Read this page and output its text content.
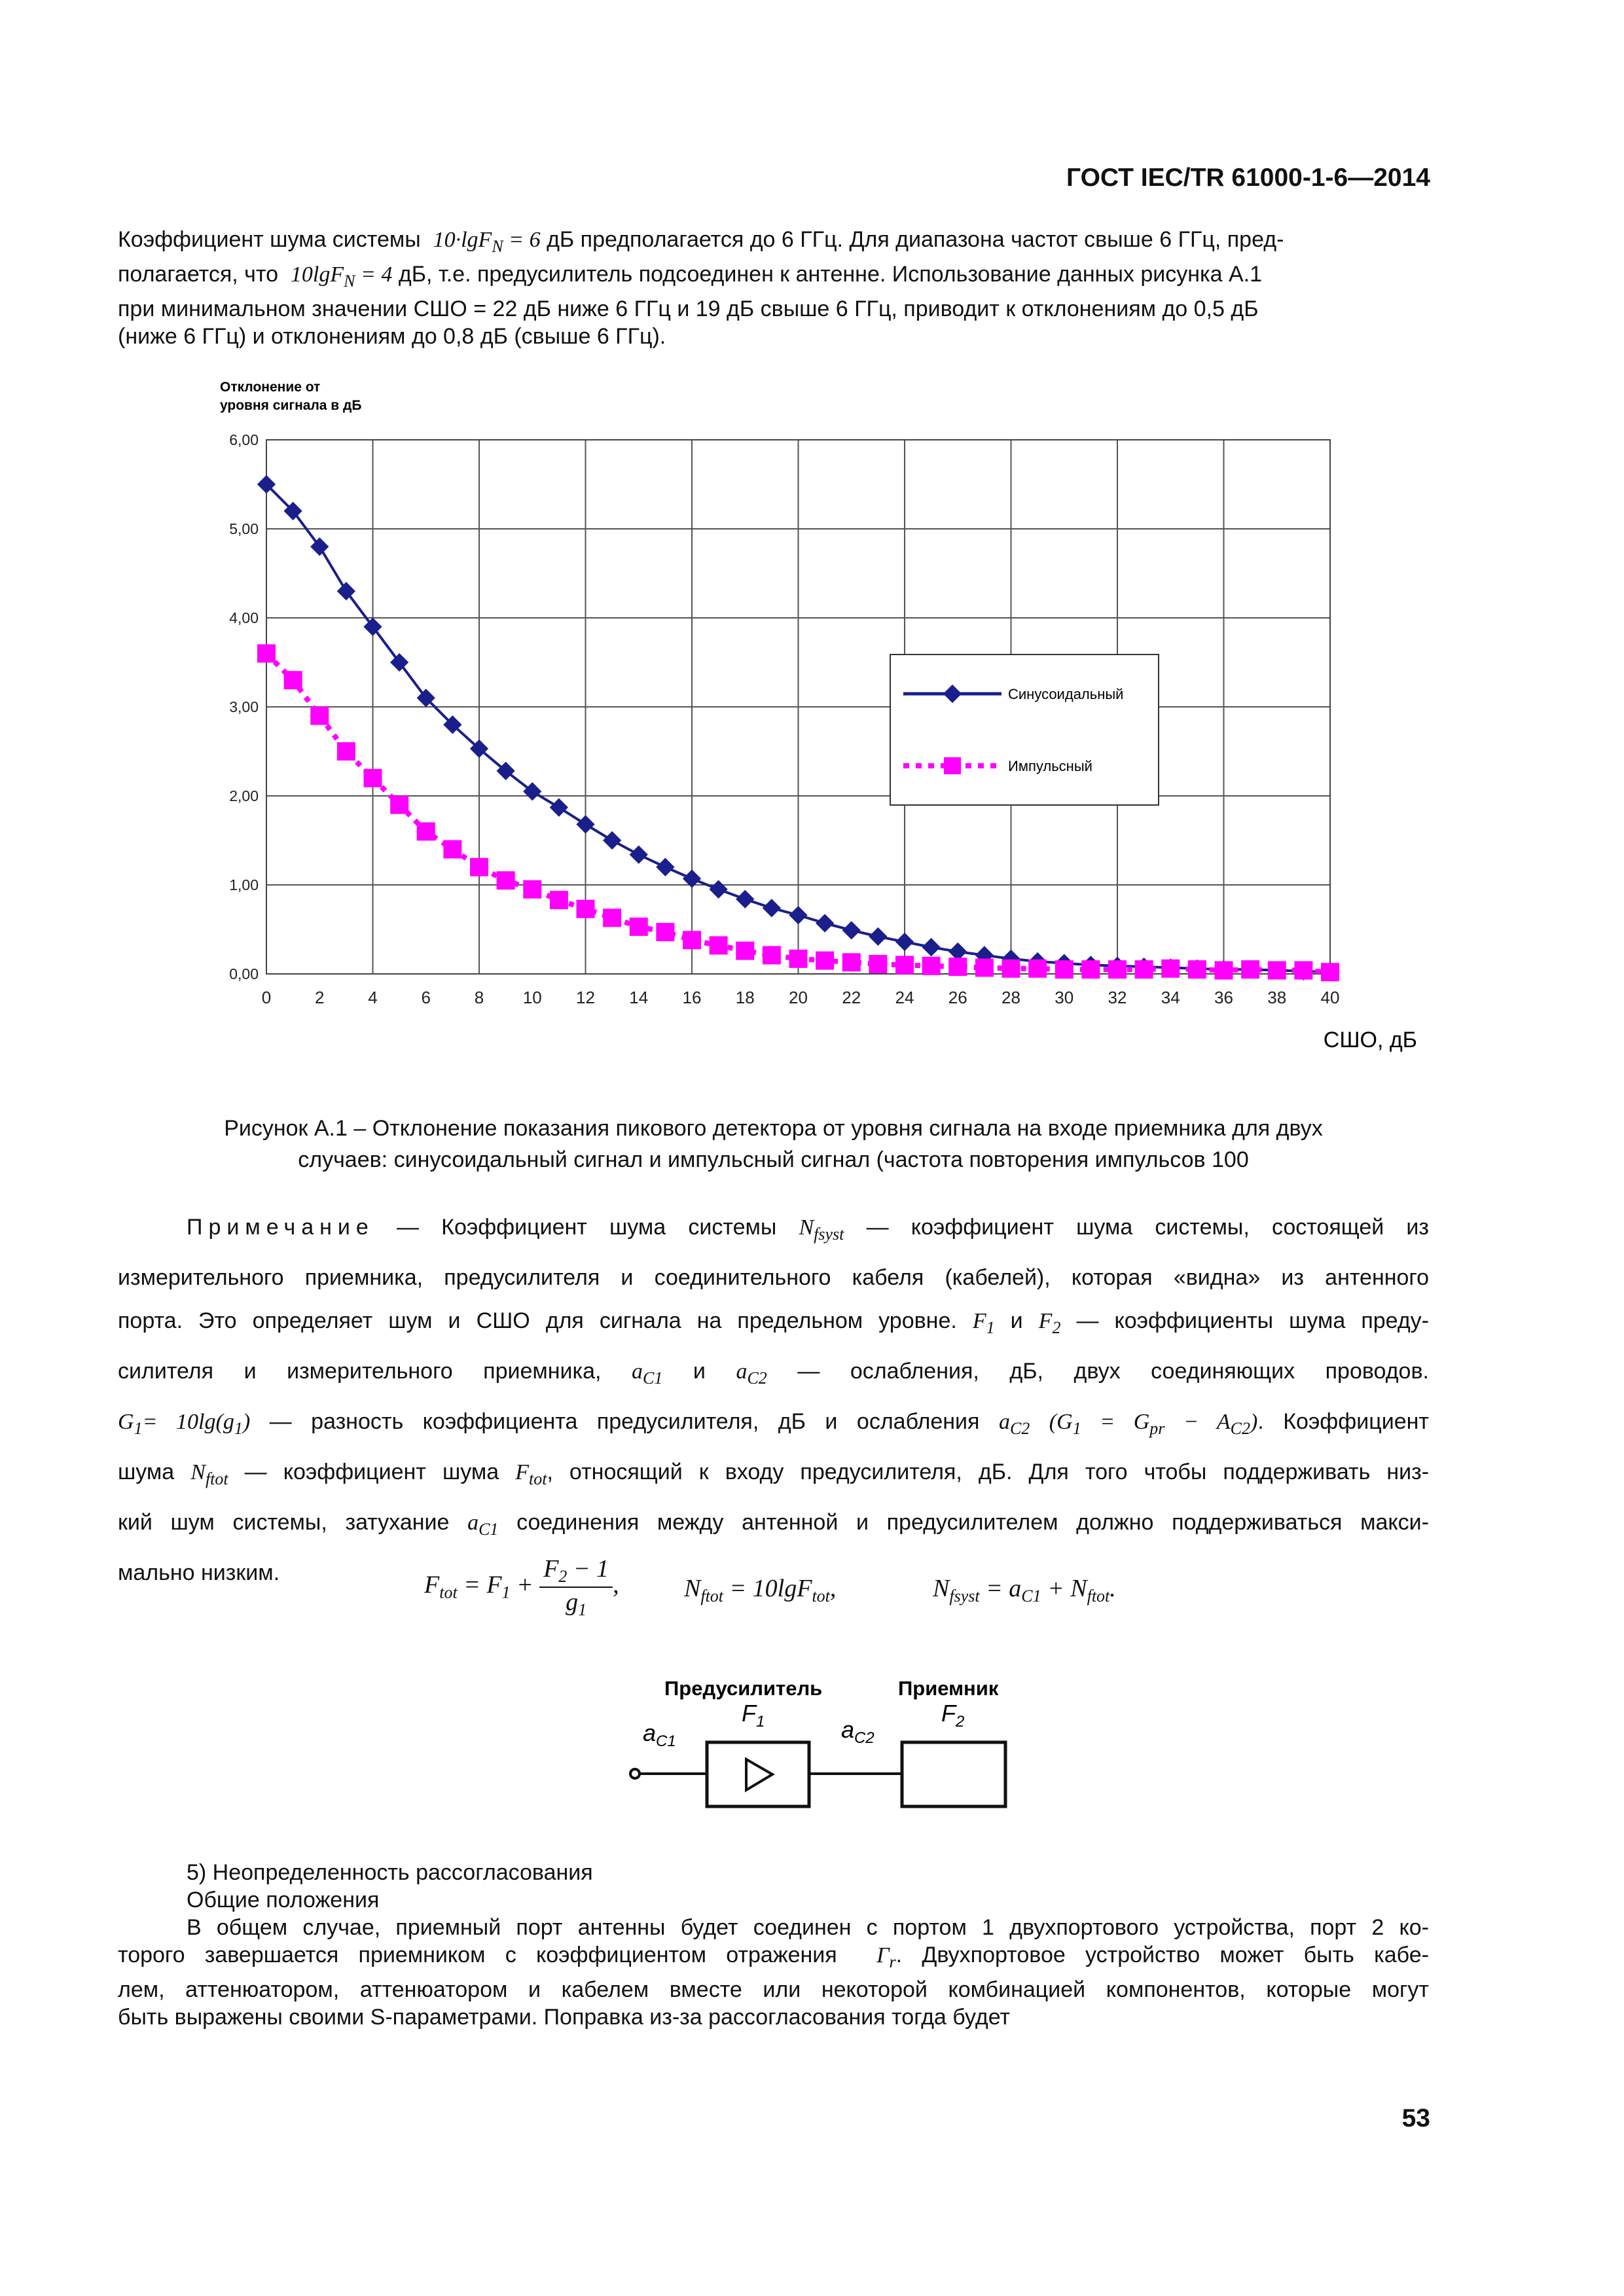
ГОСТ IEC/TR 61000-1-6—2014
Коэффициент шума системы 10·lgF$_N$ = 6 дБ предполагается до 6 ГГц. Для диапазона частот свыше 6 ГГц, пред-
полагается, что 10lgF$_N$ = 4 дБ, т.е. предусилитель подсоединен к антенне. Использование данных рисунка А.1
при минимальном значении СШО = 22 дБ ниже 6 ГГц и 19 дБ свыше 6 ГГц, приводит к отклонениям до 0,5 дБ
(ниже 6 ГГц) и отклонениям до 0,8 дБ (свыше 6 ГГц).
Отклонение от
уровня сигнала в дБ
0,00
1,00
2,00
3,00
4,00
5,00
6,00
0	2	4	6	8 10 12 14 16 18 20 22 24 26 28 30 32 34 36 38 40
Синусоидальный
Импульсный
СШО, дБ
Рисунок А.1 – Отклонение показания пикового детектора от уровня сигнала на входе приемника для двух
случаев: синусоидальный сигнал и импульсный сигнал (частота повторения импульсов 100
Примечание — Коэффициент шума системы $N_{fsyst}$ — коэффициент шума системы, состоящей из
измерительного приемника, предусилителя и соединительного кабеля (кабелей), которая «видна» из антенного
порта. Это определяет шум и СШО для сигнала на предельном уровне. $F_1$ и $F_2$ — коэффициенты шума преду-
силителя и измерительного приемника, $a_{C1}$ и $a_{C2}$ — ослабления, дБ, двух соединяющих проводов.
$G_1= 10\lg(g_1)$ — разность коэффициента предусилителя, дБ и ослабления $a_{C2}$ $(G_1 = G_{pr} - A_{C2})$. Коэффициент
шума $N_{ftot}$ — коэффициент шума $F_{tot}$, относящий к входу предусилителя, дБ. Для того чтобы поддерживать низ-
кий шум системы, затухание $a_{C1}$ соединения между антенной и предусилителем должно поддерживаться макси-
мально низким.	$F_{tot} = F_1 + \frac{F_2 - 1}{g_1}$ ,	$N_{ftot} = 10\lg F_{tot}$,	$N_{fsyst} = a_{C1} + N_{ftot}$.
Предусилитель	Приемник
$F_1$	$F_2$
$a_{C1}$	$a_{C2}$
5) Неопределенность рассогласования
Общие положения
В общем случае, приемный порт антенны будет соединен с портом 1 двухпортового устройства, порт 2 ко-
торого завершается приемником с коэффициентом отражения $\Gamma_r$. Двухпортовое устройство может быть кабе-
лем, аттенюатором, аттенюатором и кабелем вместе или некоторой комбинацией компонентов, которые могут
быть выражены своими S-параметрами. Поправка из-за рассогласования тогда будет
53
